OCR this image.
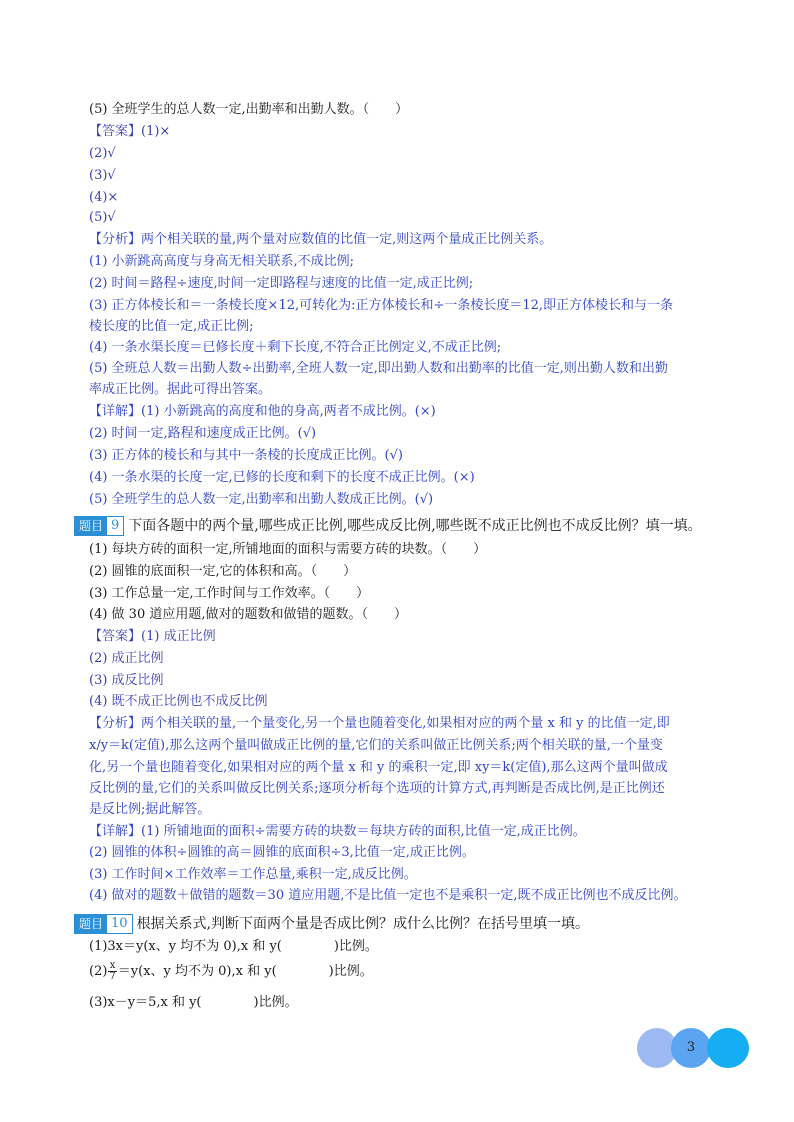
(5) 全班学生的总人数一定,出勤率和出勤人数。（　　）
【答案】(1)×
(2)√
(3)√
(4)×
(5)√
【分析】两个相关联的量,两个量对应数值的比值一定,则这两个量成正比例关系。
(1) 小新跳高高度与身高无相关联系,不成比例;
(2) 时间＝路程÷速度,时间一定即路程与速度的比值一定,成正比例;
(3) 正方体棱长和＝一条棱长度×12,可转化为:正方体棱长和÷一条棱长度＝12,即正方体棱长和与一条
棱长度的比值一定,成正比例;
(4) 一条水渠长度＝已修长度＋剩下长度,不符合正比例定义,不成正比例;
(5) 全班总人数＝出勤人数÷出勤率,全班人数一定,即出勤人数和出勤率的比值一定,则出勤人数和出勤
率成正比例。据此可得出答案。
【详解】(1) 小新跳高的高度和他的身高,两者不成比例。(×)
(2) 时间一定,路程和速度成正比例。(√)
(3) 正方体的棱长和与其中一条棱的长度成正比例。(√)
(4) 一条水渠的长度一定,已修的长度和剩下的长度不成正比例。(×)
(5) 全班学生的总人数一定,出勤率和出勤人数成正比例。(√)
题目 9 下面各题中的两个量,哪些成正比例,哪些成反比例,哪些既不成正比例也不成反比例？填一填。
(1) 每块方砖的面积一定,所铺地面的面积与需要方砖的块数。（　　）
(2) 圆锥的底面积一定,它的体积和高。（　　）
(3) 工作总量一定,工作时间与工作效率。（　　）
(4) 做 30 道应用题,做对的题数和做错的题数。（　　）
【答案】(1) 成正比例
(2) 成正比例
(3) 成反比例
(4) 既不成正比例也不成反比例
【分析】两个相关联的量,一个量变化,另一个量也随着变化,如果相对应的两个量 x 和 y 的比值一定,即
x/y＝k(定值),那么这两个量叫做成正比例的量,它们的关系叫做正比例关系;两个相关联的量,一个量变
化,另一个量也随着变化,如果相对应的两个量 x 和 y 的乘积一定,即 xy＝k(定值),那么这两个量叫做成
反比例的量,它们的关系叫做反比例关系;逐项分析每个选项的计算方式,再判断是否成比例,是正比例还
是反比例;据此解答。
【详解】(1) 所铺地面的面积÷需要方砖的块数＝每块方砖的面积,比值一定,成正比例。
(2) 圆锥的体积÷圆锥的高＝圆锥的底面积÷3,比值一定,成正比例。
(3) 工作时间×工作效率＝工作总量,乘积一定,成反比例。
(4) 做对的题数＋做错的题数＝30 道应用题,不是比值一定也不是乘积一定,既不成正比例也不成反比例。
题目 10 根据关系式,判断下面两个量是否成比例？成什么比例？在括号里填一填。
(1)3x＝y(x、y 均不为 0),x 和 y(　　　　)比例。
$(2) \frac{x}{7} =y(x$、y 均不为 0),x 和 y(　　　　)比例。
(3)x－y＝5,x 和 y(　　　　)比例。
3
